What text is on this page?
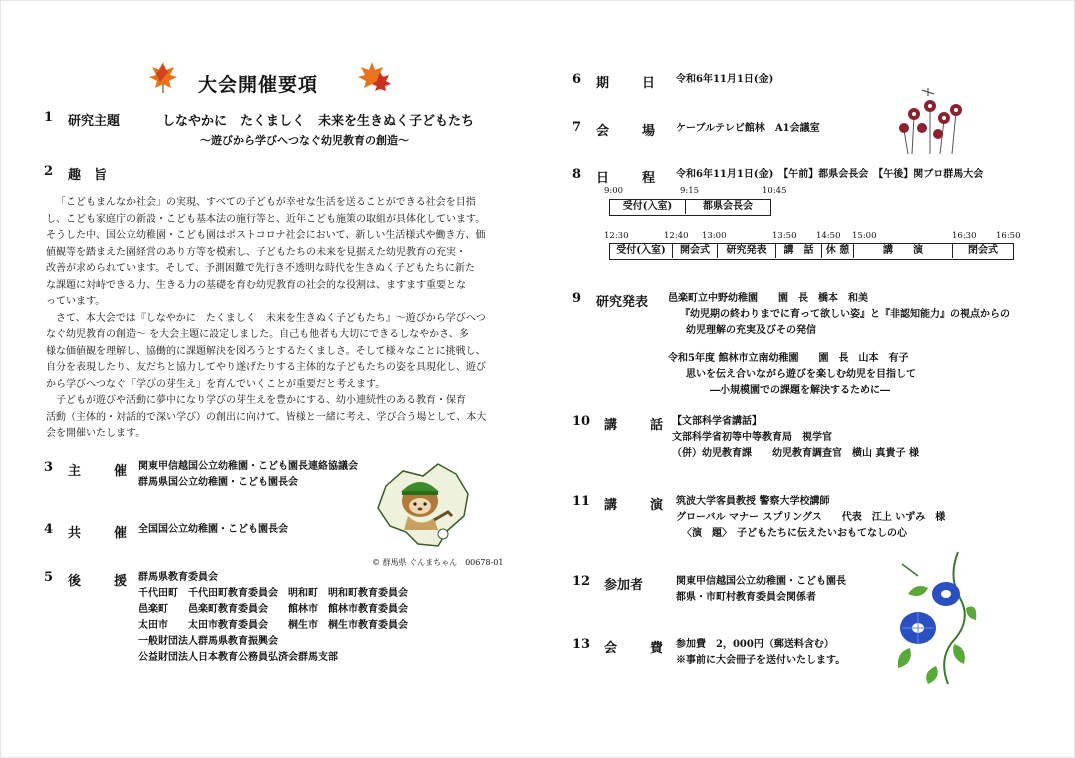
大会開催要項
1 研究主題	しなやかに　たくましく　未来を生きぬく子どもたち
～遊びから学びへつなぐ幼児教育の創造～
2 趣　旨

「こどもまんなか社会」の実現、すべての子どもが幸せな生活を送ることができる社会を目指

し、こども家庭庁の新設・こども基本法の施行等と、近年こども施策の取組が具体化しています。

そうした中、国公立幼稚園・こども園はポストコロナ社会において、新しい生活様式や働き方、価

値観等を踏まえた園経営のあり方等を模索し、子どもたちの未来を見据えた幼児教育の充実・

改善が求められています。そして、予測困難で先行き不透明な時代を生きぬく子どもたちに新た

な課題に対峙できる力、生きる力の基礎を育む幼児教育の社会的な役割は、ますます重要とな

っています。

さて、本大会では『しなやかに　たくましく　未来を生きぬく子どもたち』～遊びから学びへつ

なぐ幼児教育の創造～ を大会主題に設定しました。自己も他者も大切にできるしなやかさ、多

様な価値観を理解し、協働的に課題解決を図ろうとするたくましさ。そして様々なことに挑戦し、

自分を表現したり、友だちと協力してやり遂げたりする主体的な子どもたちの姿を具現化し、遊び

から学びへつなぐ「学びの芽生え」を育んでいくことが重要だと考えます。

子どもが遊びや活動に夢中になり学びの芽生えを豊かにする、幼小連続性のある教育・保育

活動（主体的・対話的で深い学び）の創出に向けて、皆様と一緒に考え、学び合う場として、本大

会を開催いたします。

3 主　催 関東甲信越国公立幼稚園・こども園長連絡協議会
群馬県国公立幼稚園・こども園長会
4 共　催 全国国公立幼稚園・こども園長会
5 後　援 群馬県教育委員会
千代田町　千代田町教育委員会　明和町　明和町教育委員会
邑楽町　　邑楽町教育委員会　　館林市　館林市教育委員会
太田市　　太田市教育委員会　　桐生市　桐生市教育委員会
一般財団法人群馬県教育振興会
公益財団法人日本教育公務員弘済会群馬支部
© 群馬県 ぐんまちゃん　00678-01
6 期　日 令和6年11月1日(金)
7 会　場 ケーブルテレビ館林　A1会議室
8 日　程 令和6年11月1日(金)　【午前】都県会長会　【午後】関ブロ群馬大会
9:00	9:15	10:45
受付(入室)	都県会長会
12:30	12:40 13:00	13:50 14:50 15:00	16:30 16:50
受付(入室)	開会式	研究発表	講　話	休 憩	講　　演	閉会式
9 研究発表 邑楽町立中野幼稚園　　園　長　橋本　和美
『幼児期の終わりまでに育って欲しい姿』と『非認知能力』の視点からの
幼児理解の充実及びその発信
令和5年度 館林市立南幼稚園　　園　長　山本　有子
思いを伝え合いながら遊びを楽しむ幼児を目指して
―小規模園での課題を解決するために―
10 講　話
【文部科学省講話】
文部科学省初等中等教育局　視学官
（併）幼児教育課　　幼児教育調査官　横山 真貴子 様
11 講　演 筑波大学客員教授 警察大学校講師
グローバル マナー スプリングス　　代表　江上 いずみ　様
〈演　題〉　子どもたちに伝えたいおもてなしの心
12 参加者	関東甲信越国公立幼稚園・こども園長
都県・市町村教育委員会関係者
13 会　費 参加費　2，000円（郵送料含む）
※事前に大会冊子を送付いたします。
